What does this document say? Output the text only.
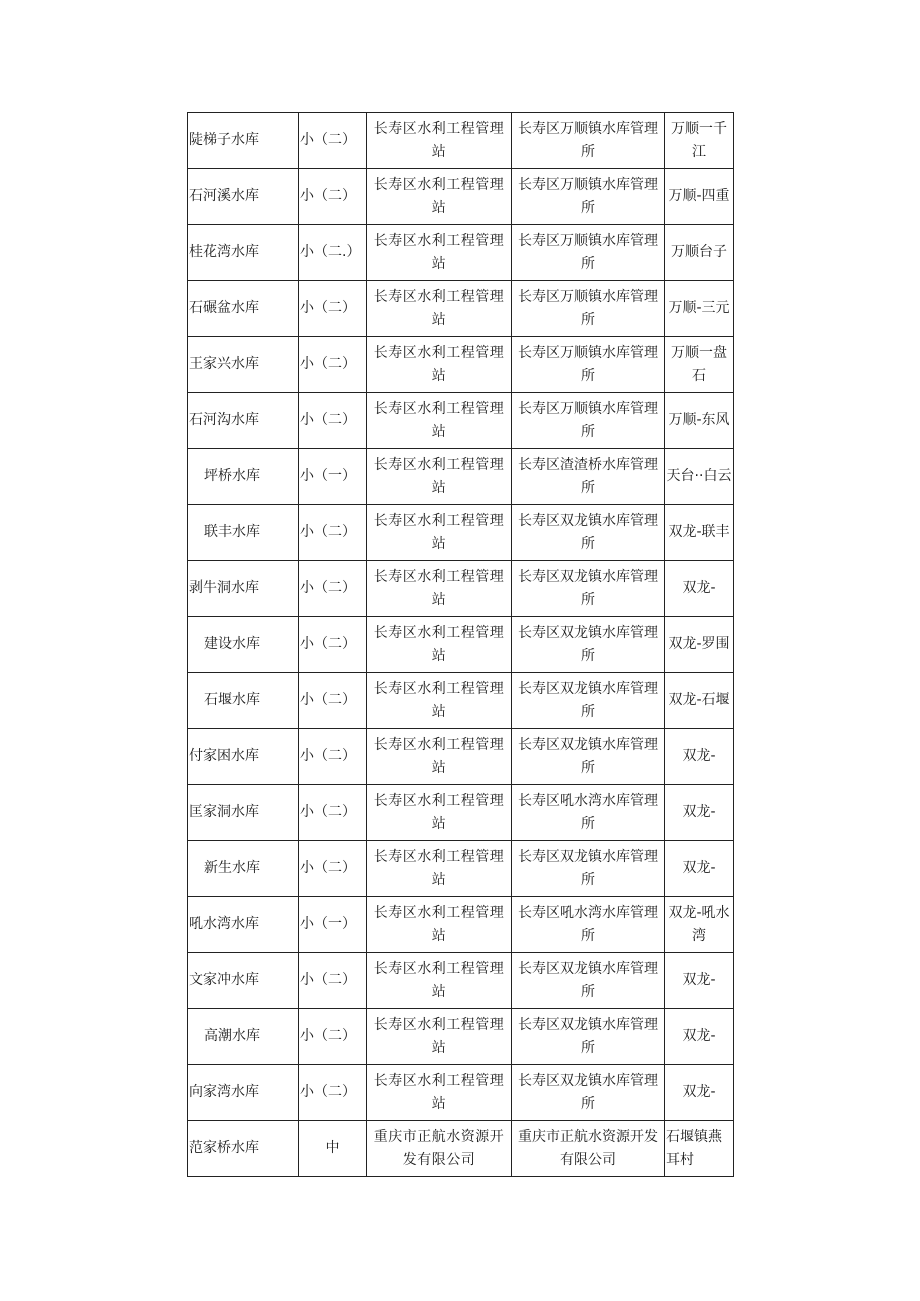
陡梯子水库	小（二）	长寿区水利工程管理站	长寿区万顺镇水库管理所	万顺一千江
石河溪水库	小（二）	长寿区水利工程管理站	长寿区万顺镇水库管理所	万顺-四重
桂花湾水库	小（二.）	长寿区水利工程管理站	长寿区万顺镇水库管理所	万顺台子
石碾盆水库	小（二）	长寿区水利工程管理站	长寿区万顺镇水库管理所	万顺-三元
王家兴水库	小（二）	长寿区水利工程管理站	长寿区万顺镇水库管理所	万顺一盘石
石河沟水库	小（二）	长寿区水利工程管理站	长寿区万顺镇水库管理所	万顺-东风
坪桥水库	小（一）	长寿区水利工程管理站	长寿区渣渣桥水库管理所	天台··白云
联丰水库	小（二）	长寿区水利工程管理站	长寿区双龙镇水库管理所	双龙-联丰
剥牛洞水库	小（二）	长寿区水利工程管理站	长寿区双龙镇水库管理所	双龙-
建设水库	小（二）	长寿区水利工程管理站	长寿区双龙镇水库管理所	双龙-罗围
石堰水库	小（二）	长寿区水利工程管理站	长寿区双龙镇水库管理所	双龙-石堰
付家困水库	小（二）	长寿区水利工程管理站	长寿区双龙镇水库管理所	双龙-
匡家洞水库	小（二）	长寿区水利工程管理站	长寿区吼水湾水库管理所	双龙-
新生水库	小（二）	长寿区水利工程管理站	长寿区双龙镇水库管理所	双龙-
吼水湾水库	小（一）	长寿区水利工程管理站	长寿区吼水湾水库管理所	双龙-吼水湾
文家冲水库	小（二）	长寿区水利工程管理站	长寿区双龙镇水库管理所	双龙-
高潮水库	小（二）	长寿区水利工程管理站	长寿区双龙镇水库管理所	双龙-
向家湾水库	小（二）	长寿区水利工程管理站	长寿区双龙镇水库管理所	双龙-
范家桥水库	中	重庆市正航水资源开发有限公司	重庆市正航水资源开发有限公司	石堰镇燕耳村
